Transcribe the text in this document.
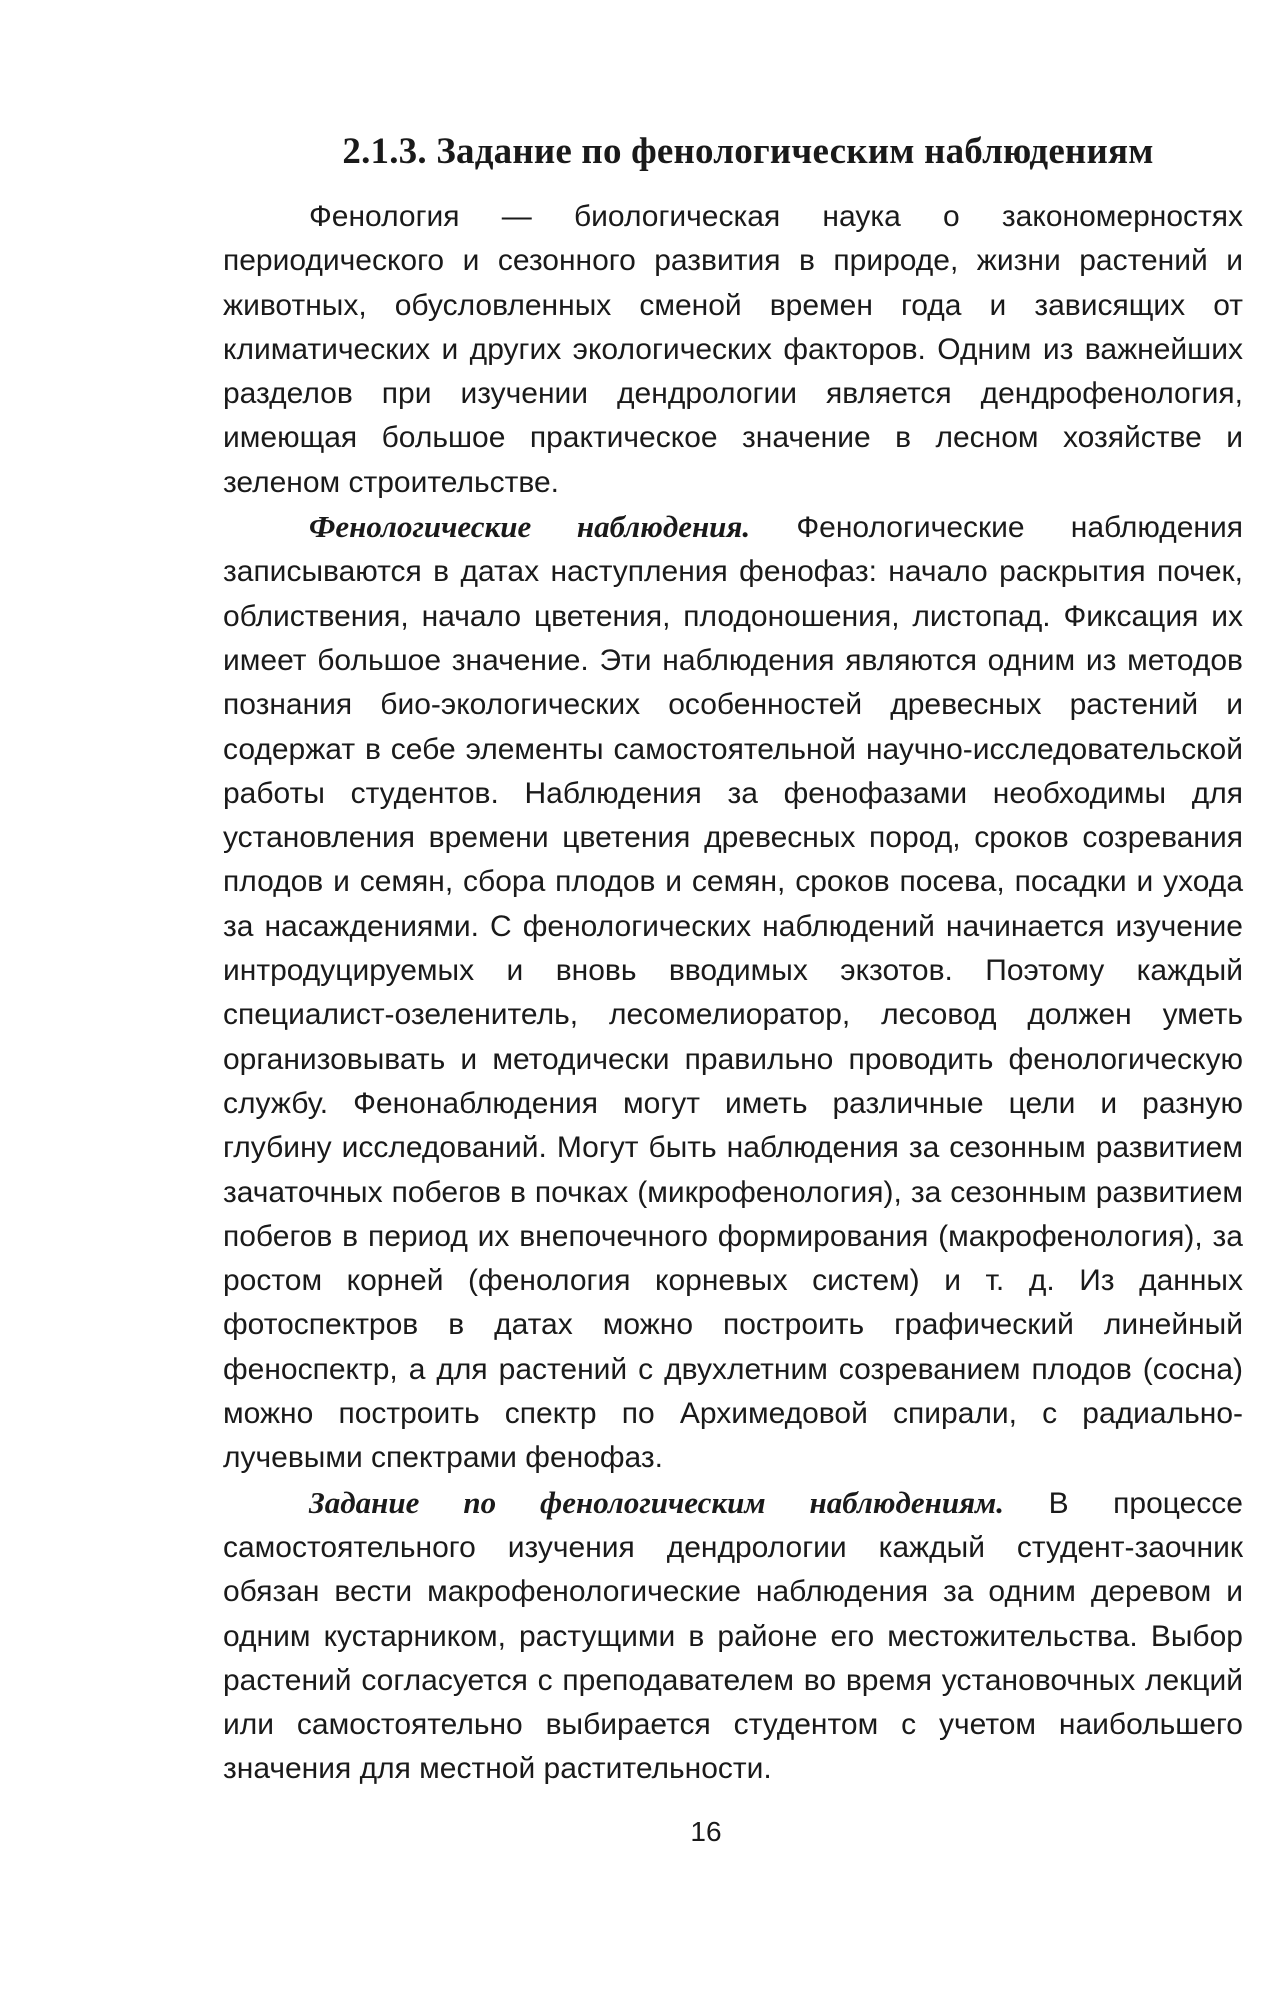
2.1.3. Задание по фенологическим наблюдениям

Фенология — биологическая наука о закономерностях периодического и сезонного развития в природе, жизни растений и животных, обусловленных сменой времен года и зависящих от климатических и других экологических факторов. Одним из важнейших разделов при изучении дендрологии является дендрофенология, имеющая большое практическое значение в лесном хозяйстве и зеленом строительстве.

Фенологические наблюдения. Фенологические наблюдения записываются в датах наступления фенофаз: начало раскрытия почек, облиствения, начало цветения, плодоношения, листопад. Фиксация их имеет большое значение. Эти наблюдения являются одним из методов познания био-экологических особенностей древесных растений и содержат в себе элементы самостоятельной научно-исследовательской работы студентов. Наблюдения за фенофазами необходимы для установления времени цветения древесных пород, сроков созревания плодов и семян, сбора плодов и семян, сроков посева, посадки и ухода за насаждениями. С фенологических наблюдений начинается изучение интродуцируемых и вновь вводимых экзотов. Поэтому каждый специалист-озеленитель, лесомелиоратор, лесовод должен уметь организовывать и методически правильно проводить фенологическую службу. Фенонаблюдения могут иметь различные цели и разную глубину исследований. Могут быть наблюдения за сезонным развитием зачаточных побегов в почках (микрофенология), за сезонным развитием побегов в период их внепочечного формирования (макрофенология), за ростом корней (фенология корневых систем) и т. д. Из данных фотоспектров в датах можно построить графический линейный феноспектр, а для растений с двухлетним созреванием плодов (сосна) можно построить спектр по Архимедовой спирали, с радиально-лучевыми спектрами фенофаз.

Задание по фенологическим наблюдениям. В процессе самостоятельного изучения дендрологии каждый студент-заочник обязан вести макрофенологические наблюдения за одним деревом и одним кустарником, растущими в районе его местожительства. Выбор растений согласуется с преподавателем во время установочных лекций или самостоятельно выбирается студентом с учетом наибольшего значения для местной растительности.

16
